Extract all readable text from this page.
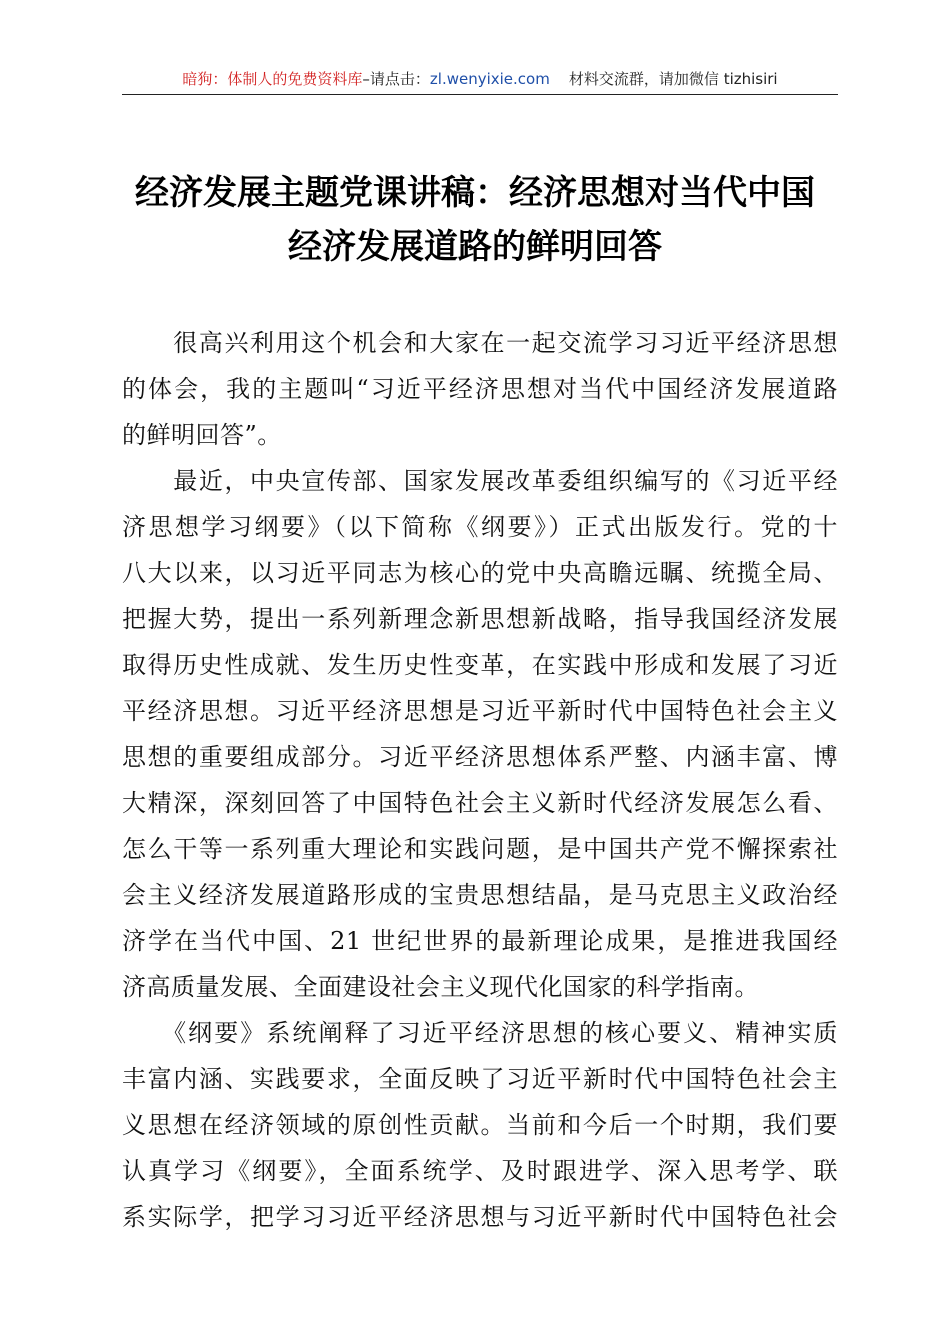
暗狗：体制人的免费资料库–请点击：zl.wenyixie.com 材料交流群，请加微信 tizhisiri
经济发展主题党课讲稿：经济思想对当代中国
经济发展道路的鲜明回答
　　很高兴利用这个机会和大家在一起交流学习习近平经济思想
的体会，我的主题叫“习近平经济思想对当代中国经济发展道路
的鲜明回答”。
　　最近，中央宣传部、国家发展改革委组织编写的《习近平经
济思想学习纲要》（以下简称《纲要》）正式出版发行。党的十
八大以来，以习近平同志为核心的党中央高瞻远瞩、统揽全局、
把握大势，提出一系列新理念新思想新战略，指导我国经济发展
取得历史性成就、发生历史性变革，在实践中形成和发展了习近
平经济思想。习近平经济思想是习近平新时代中国特色社会主义
思想的重要组成部分。习近平经济思想体系严整、内涵丰富、博
大精深，深刻回答了中国特色社会主义新时代经济发展怎么看、
怎么干等一系列重大理论和实践问题，是中国共产党不懈探索社
会主义经济发展道路形成的宝贵思想结晶，是马克思主义政治经
济学在当代中国、21 世纪世界的最新理论成果，是推进我国经
济高质量发展、全面建设社会主义现代化国家的科学指南。
　　《纲要》系统阐释了习近平经济思想的核心要义、精神实质
丰富内涵、实践要求，全面反映了习近平新时代中国特色社会主
义思想在经济领域的原创性贡献。当前和今后一个时期，我们要
认真学习《纲要》，全面系统学、及时跟进学、深入思考学、联
系实际学，把学习习近平经济思想与习近平新时代中国特色社会
